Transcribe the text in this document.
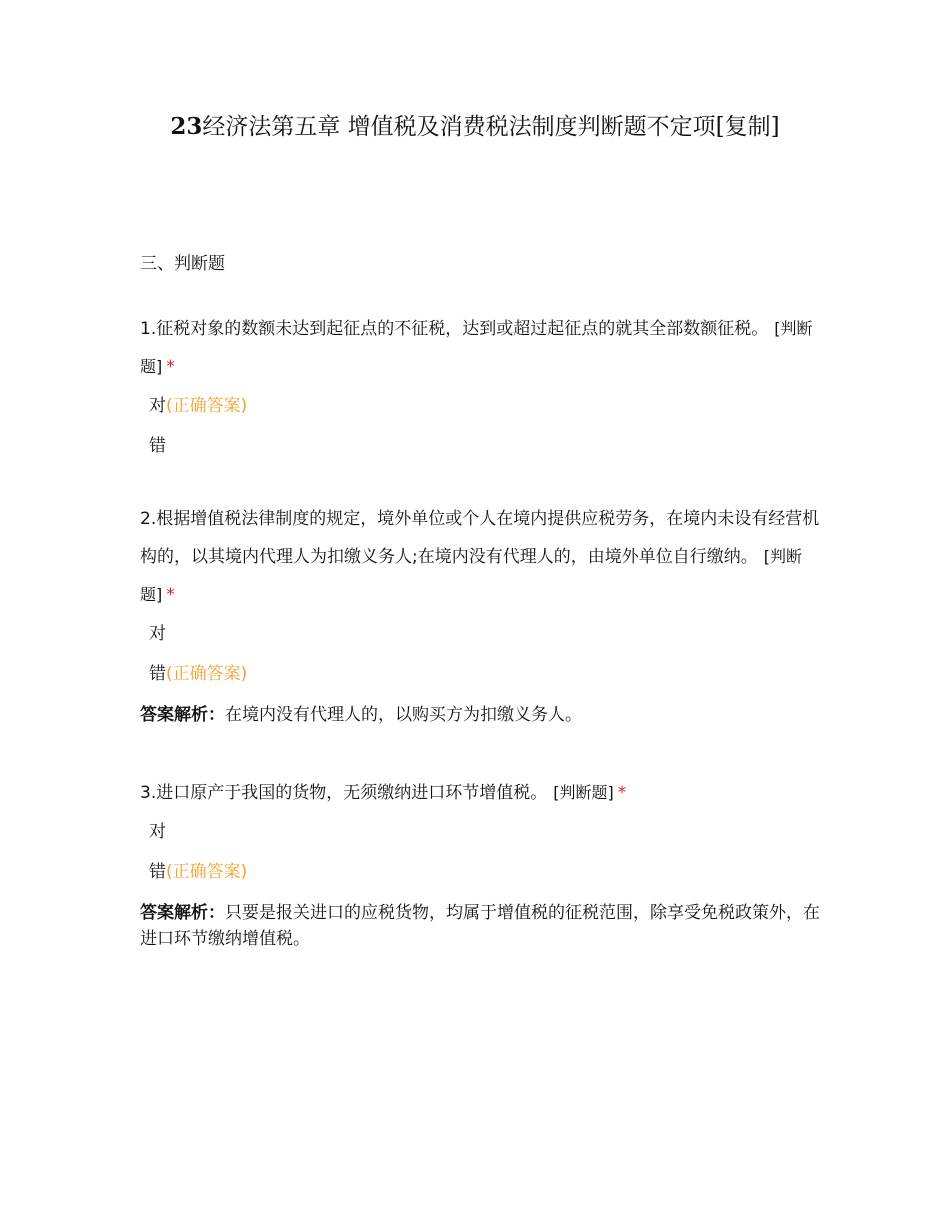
23经济法第五章 增值税及消费税法制度判断题不定项[复制]
三、判断题

1.征税对象的数额未达到起征点的不征税，达到或超过起征点的就其全部数额征税。 [判断题] *

对(正确答案)
错

2.根据增值税法律制度的规定，境外单位或个人在境内提供应税劳务，在境内未设有经营机构的，以其境内代理人为扣缴义务人;在境内没有代理人的，由境外单位自行缴纳。 [判断题] *

对
错(正确答案)
答案解析：在境内没有代理人的，以购买方为扣缴义务人。

3.进口原产于我国的货物，无须缴纳进口环节增值税。 [判断题] *

对
错(正确答案)
答案解析：只要是报关进口的应税货物，均属于增值税的征税范围，除享受免税政策外，在进口环节缴纳增值税。
